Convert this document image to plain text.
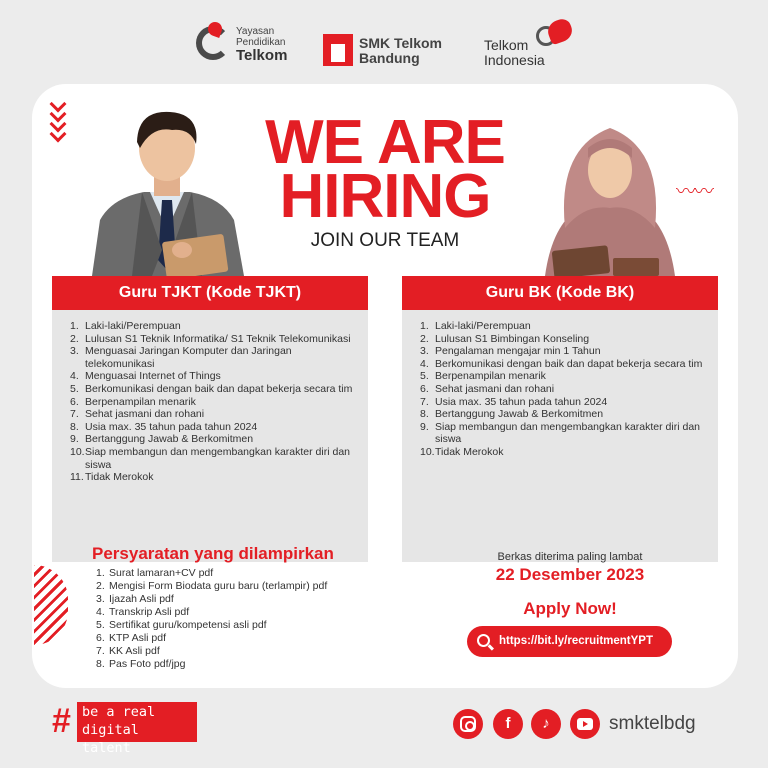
Yayasan
Pendidikan
Telkom
SMK Telkom
Bandung
Telkom
Indonesia
〰〰
WE ARE
HIRING
JOIN OUR TEAM
Guru TJKT (Kode TJKT)
1. Laki-laki/Perempuan
2. Lulusan S1 Teknik Informatika/ S1 Teknik Telekomunikasi
3. Menguasai Jaringan Komputer dan Jaringan telekomunikasi
4. Menguasai Internet of Things
5. Berkomunikasi dengan baik dan dapat bekerja secara tim
6. Berpenampilan menarik
7. Sehat jasmani dan rohani
8. Usia max. 35 tahun pada tahun 2024
9. Bertanggung Jawab & Berkomitmen
10. Siap membangun dan mengembangkan karakter diri dan siswa
11. Tidak Merokok
Guru BK (Kode BK)
1. Laki-laki/Perempuan
2. Lulusan S1 Bimbingan Konseling
3. Pengalaman mengajar min 1 Tahun
4. Berkomunikasi dengan baik dan dapat bekerja secara tim
5. Berpenampilan menarik
6. Sehat jasmani dan rohani
7. Usia max. 35 tahun pada tahun 2024
8. Bertanggung Jawab & Berkomitmen
9. Siap membangun dan mengembangkan karakter diri dan siswa
10. Tidak Merokok
Persyaratan yang dilampirkan
1. Surat lamaran+CV pdf
2. Mengisi Form Biodata guru baru (terlampir) pdf
3. Ijazah Asli pdf
4. Transkrip Asli pdf
5. Sertifikat guru/kompetensi asli pdf
6. KTP Asli pdf
7. KK Asli pdf
8. Pas Foto pdf/jpg
Berkas diterima paling lambat
22 Desember 2023
Apply Now!
https://bit.ly/recruitmentYPT
# be a real
digital talent
f	♪	smktelbdg
